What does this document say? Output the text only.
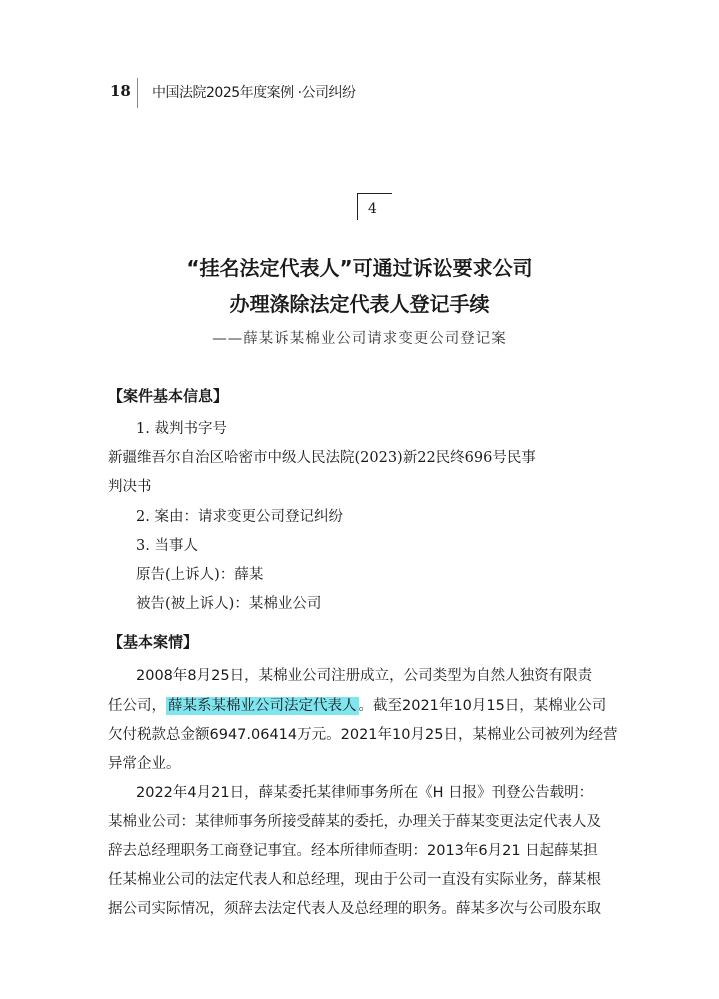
18 中国法院2025年度案例 ·公司纠纷
4
“挂名法定代表人”可通过诉讼要求公司
办理涤除法定代表人登记手续
——薛某诉某棉业公司请求变更公司登记案
【案件基本信息】
1. 裁判书字号
新疆维吾尔自治区哈密市中级人民法院(2023)新22民终696号民事
判决书
2. 案由：请求变更公司登记纠纷
3. 当事人
原告(上诉人)：薛某
被告(被上诉人)：某棉业公司
【基本案情】
2008年8月25日，某棉业公司注册成立，公司类型为自然人独资有限责
任公司， 薛某系某棉业公司法定代表人 。截至2021年10月15日，某棉业公司
欠付税款总金额6947.06414万元。2021年10月25日，某棉业公司被列为经营
异常企业。
2022年4月21日，薛某委托某律师事务所在《H 日报》刊登公告载明：
某棉业公司：某律师事务所接受薛某的委托，办理关于薛某变更法定代表人及
辞去总经理职务工商登记事宜。经本所律师查明：2013年6月21 日起薛某担
任某棉业公司的法定代表人和总经理，现由于公司一直没有实际业务，薛某根
据公司实际情况，须辞去法定代表人及总经理的职务。薛某多次与公司股东取
